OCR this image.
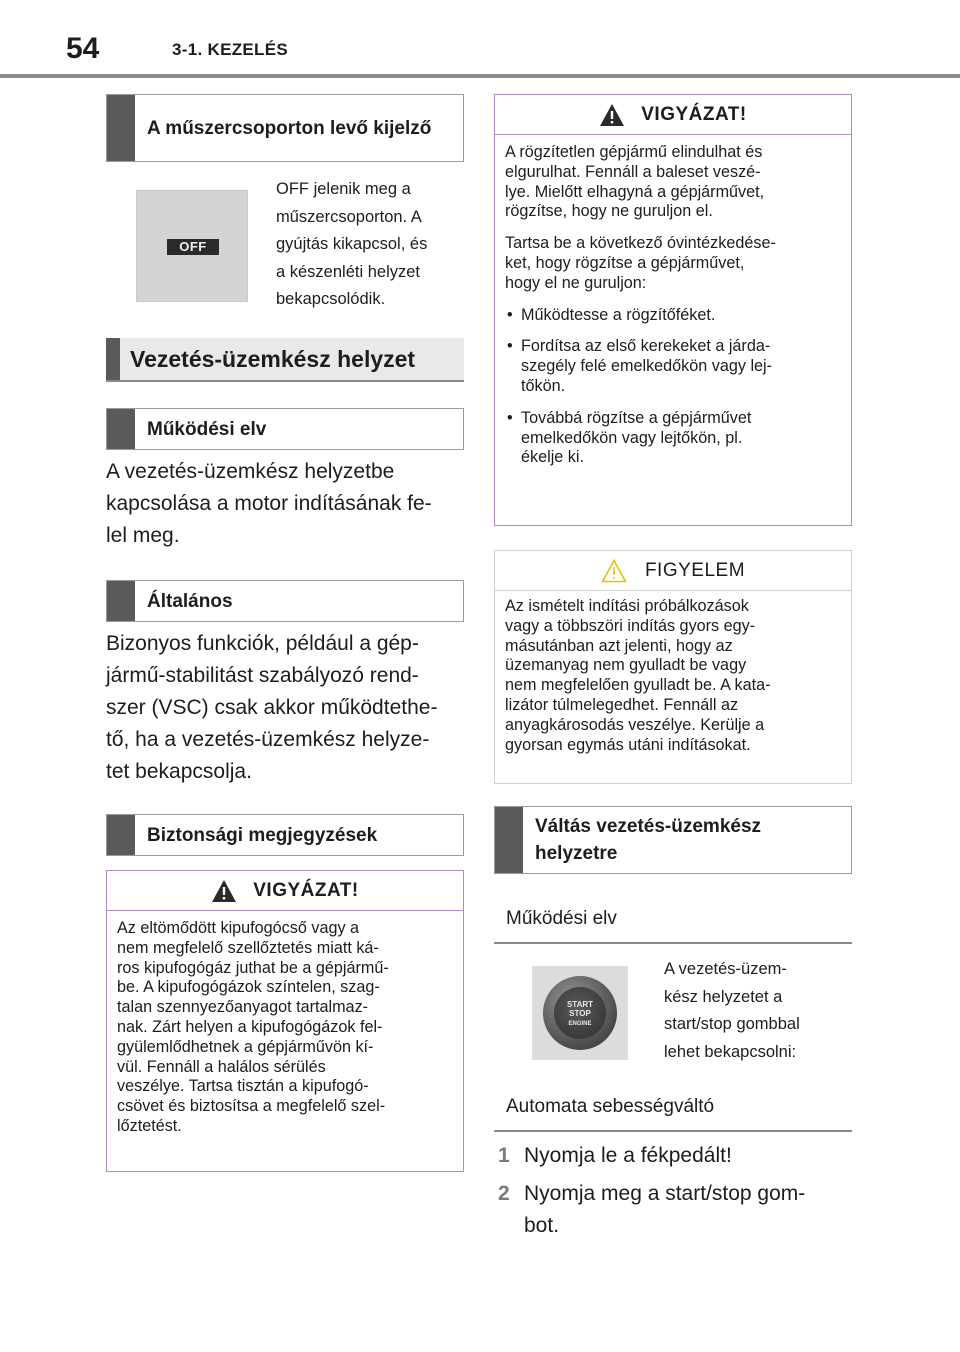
54	3-1. KEZELÉS
A műszercsoporton levő kijelző
OFF
OFF jelenik meg a
műszercsoporton. A
gyújtás kikapcsol, és
a készenléti helyzet
bekapcsolódik.
Vezetés-üzemkész helyzet
Működési elv
A vezetés-üzemkész helyzetbe
kapcsolása a motor indításának fe-
lel meg.
Általános
Bizonyos funkciók, például a gép-
jármű-stabilitást szabályozó rend-
szer (VSC) csak akkor működtethe-
tő, ha a vezetés-üzemkész helyze-
tet bekapcsolja.
Biztonsági megjegyzések
VIGYÁZAT!
Az eltömődött kipufogócső vagy a
nem megfelelő szellőztetés miatt ká-
ros kipufogógáz juthat be a gépjármű-
be. A kipufogógázok színtelen, szag-
talan szennyezőanyagot tartalmaz-
nak. Zárt helyen a kipufogógázok fel-
gyülemlődhetnek a gépjárművön kí-
vül. Fennáll a halálos sérülés
veszélye. Tartsa tisztán a kipufogó-
csövet és biztosítsa a megfelelő szel-
lőztetést.
VIGYÁZAT!

A rögzítetlen gépjármű elindulhat és
elgurulhat. Fennáll a baleset veszé-
lye. Mielőtt elhagyná a gépjárművet,
rögzítse, hogy ne guruljon el.

Tartsa be a következő óvintézkedése-
ket, hogy rögzítse a gépjárművet,
hogy el ne guruljon:

• Működtesse a rögzítőféket.
• Fordítsa az első kerekeket a járda-
szegély felé emelkedőkön vagy lej-
tőkön.
• Továbbá rögzítse a gépjárművet
emelkedőkön vagy lejtőkön, pl.
ékelje ki.
FIGYELEM
Az ismételt indítási próbálkozások
vagy a többszöri indítás gyors egy-
másutánban azt jelenti, hogy az
üzemanyag nem gyulladt be vagy
nem megfelelően gyulladt be. A kata-
lizátor túlmelegedhet. Fennáll az
anyagkárosodás veszélye. Kerülje a
gyorsan egymás utáni indításokat.
Váltás vezetés-üzemkész helyzetre
Működési elv
START
STOP
ENGINE
A vezetés-üzem-
kész helyzetet a
start/stop gombbal
lehet bekapcsolni:
Automata sebességváltó
1 Nyomja le a fékpedált!
2 Nyomja meg a start/stop gom-
bot.
